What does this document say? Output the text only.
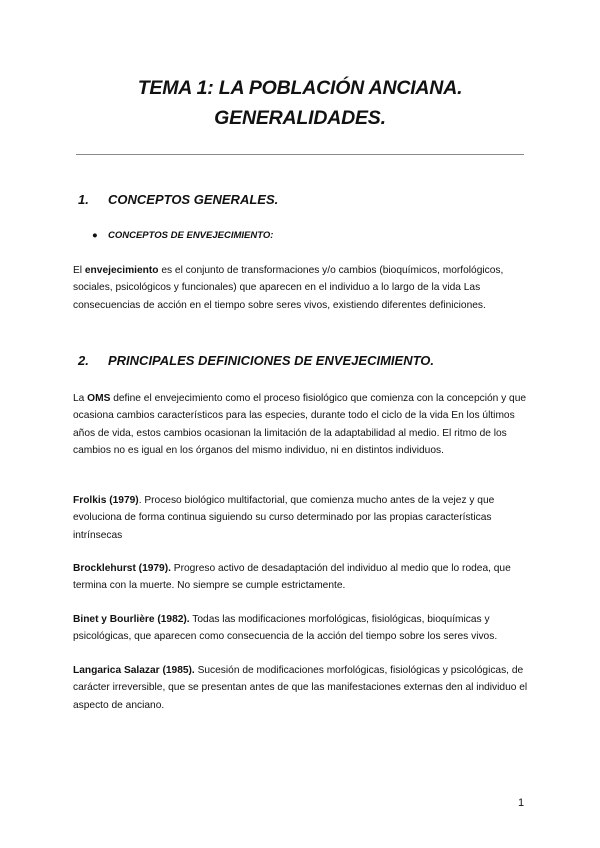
TEMA 1: LA POBLACIÓN ANCIANA.
GENERALIDADES.
1. CONCEPTOS GENERALES.
● CONCEPTOS DE ENVEJECIMIENTO:
El envejecimiento es el conjunto de transformaciones y/o cambios (bioquímicos, morfológicos, sociales, psicológicos y funcionales) que aparecen en el individuo a lo largo de la vida Las consecuencias de acción en el tiempo sobre seres vivos, existiendo diferentes definiciones.
2. PRINCIPALES DEFINICIONES DE ENVEJECIMIENTO.
La OMS define el envejecimiento como el proceso fisiológico que comienza con la concepción y que ocasiona cambios característicos para las especies, durante todo el ciclo de la vida En los últimos años de vida, estos cambios ocasionan la limitación de la adaptabilidad al medio. El ritmo de los cambios no es igual en los órganos del mismo individuo, ni en distintos individuos.
Frolkis (1979). Proceso biológico multifactorial, que comienza mucho antes de la vejez y que evoluciona de forma continua siguiendo su curso determinado por las propias características intrínsecas
Brocklehurst (1979). Progreso activo de desadaptación del individuo al medio que lo rodea, que termina con la muerte. No siempre se cumple estrictamente.
Binet y Bourlière (1982). Todas las modificaciones morfológicas, fisiológicas, bioquímicas y psicológicas, que aparecen como consecuencia de la acción del tiempo sobre los seres vivos.
Langarica Salazar (1985). Sucesión de modificaciones morfológicas, fisiológicas y psicológicas, de carácter irreversible, que se presentan antes de que las manifestaciones externas den al individuo el aspecto de anciano.
1
